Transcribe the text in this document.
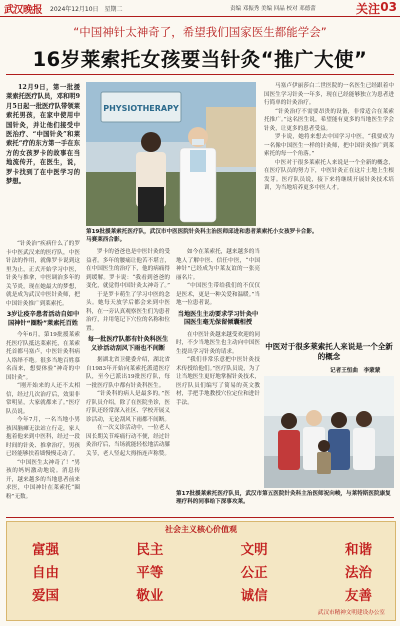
武汉晚报 2024年12月10日　星期二	责编 邓振秀 美编 回晶 校对 邓德蕾	关注 03
“中国神针太神奇了，希望我们国家医生都能学会”
16岁莱索托女孩要当针灸“推广大使”
12月9日，第一批援莱索托医疗队员，邓和明9月5日起一批医疗队带领莱索托男孩，在家中使用中国针灸，并让他们接受中医治疗、“中国针灸”和莱索托“疗的东方第一手在东方的女孩罗卡的故事在当地流传开，在医生，说，罗卡找到了在中医学习的梦想。
PHYSIOTHERAPY
第19批援莱索托医疗队，武汉市中医医院针灸科主治医师邱进和患者莱索托小女孩罗卡合影。
马赛莱西合影。

“针灸治”疾病什么了的罗卡中医武汉来的医疗队，中医针法的作用，就像罗卡说到这里为止，正式开始学习中医，针灸与推拿，中医调治多年的关节炎，现在她最大的梦想，就是成为武汉中医针灸师，把中国针灸推广到莱索托。

3岁让疫辛患者活动自如中国神针“圈粉”莱索托百姓

今年6月，第19批援莱索托医疗队抵达莱索托，在莱索托首都马塞卢，中医针灸科病人络绎不绝。很多当地百姓慕名而来，想要体验“神奇的中国针灸”。

“刚开始来的人还不太相信，经过几次治疗后，效果非常明显，大家就都来了。”医疗队员说。

今年7月，一名当地小男孩因脑瘫无法站立行走，家人抱着他来到中医科，经过一段时间的针灸、推拿治疗，男孩已经能够扶着墙慢慢走动了。

“中国医生太神奇了！”男孩的妈妈激动地说。消息传开，越来越多的当地患者前来求医，中国神针在莱索托“圈粉”无数。

罗卡的爸爸也是中医针灸的受益者。多年的腰痛让他苦不堪言，在中国医生的治疗下，他的病痛得到缓解。罗卡说：“我看到爸爸的变化，就觉得中国针灸太神奇了。”

于是罗卡萌生了学习中医的念头。她每天放学后都会来到中医科，在一旁认真观察医生们为患者治疗，并用笔记下穴位的名称和位置。

每一批医疗队都有针灸科医生义诊活动刮风下雨也不间断

据湖北省卫健委介绍，湖北省自1983年开始向莱索托派遣医疗队，至今已派出19批医疗队，每一批医疗队中都有针灸科医生。

“针灸科的病人是最多的。”医疗队员介绍，除了在医院坐诊，医疗队还经常深入社区、学校开展义诊活动，无论刮风下雨都不间断。

在一次义诊活动中，一位老人因长期关节疼痛行动不便，经过针灸治疗后，当场就能轻松地活动膝关节，老人竖起大拇指连声称赞。

如今在莱索托，越来越多的当地人了解中医、信任中医，“中国神针”已经成为中莱友谊的一张亮丽名片。

“中国医生带给我们的不仅仅是医术，更是一种关爱和温暖。”当地一位患者说。

当地医生主动要求学习针灸中国医生毫无保留倾囊相授

在中医针灸越来越受欢迎的同时，不少当地医生也主动向中国医生提出学习针灸的请求。

“我们非常乐意把中医针灸技术传授给他们。”医疗队员说，为了让当地医生更好地掌握针灸技术，医疗队员们编写了简易的英文教材，手把手地教授穴位定位和进针手法。

马塞卢伊丽莎白二世医院的一名医生已经跟着中国医生学习针灸一年多，现在已经能够独立为患者进行简单的针灸治疗。

“针灸治疗不需要昂贵的设备，非常适合在莱索托推广。”这名医生说，希望能有更多的当地医生学会针灸，让更多的患者受益。

罗卡说，她将来想去中国学习中医，“我要成为一名像中国医生一样的针灸师，把中国针灸推广到莱索托的每一个角落。”

中医对于很多莱索托人来说是一个全新的概念，在医疗队员的努力下，中医针灸正在这片土地上生根发芽。医疗队员说，接下来将继续开展针灸技术培训，为当地培养更多中医人才。

中医对于很多莱索托人来说是一个全新的概念
记者王恒曲　李蒙蒙
第17批援莱索托医疗队员，武汉市第五医院针灸科主治医师祝向峻，与莱特斯医院康复理疗科的同事给下深事攻莱。
社会主义核心价值观
富强	民主	文明	和谐
自由	平等	公正	法治
爱国	敬业	诚信	友善
武汉市精神文明建设办公室
